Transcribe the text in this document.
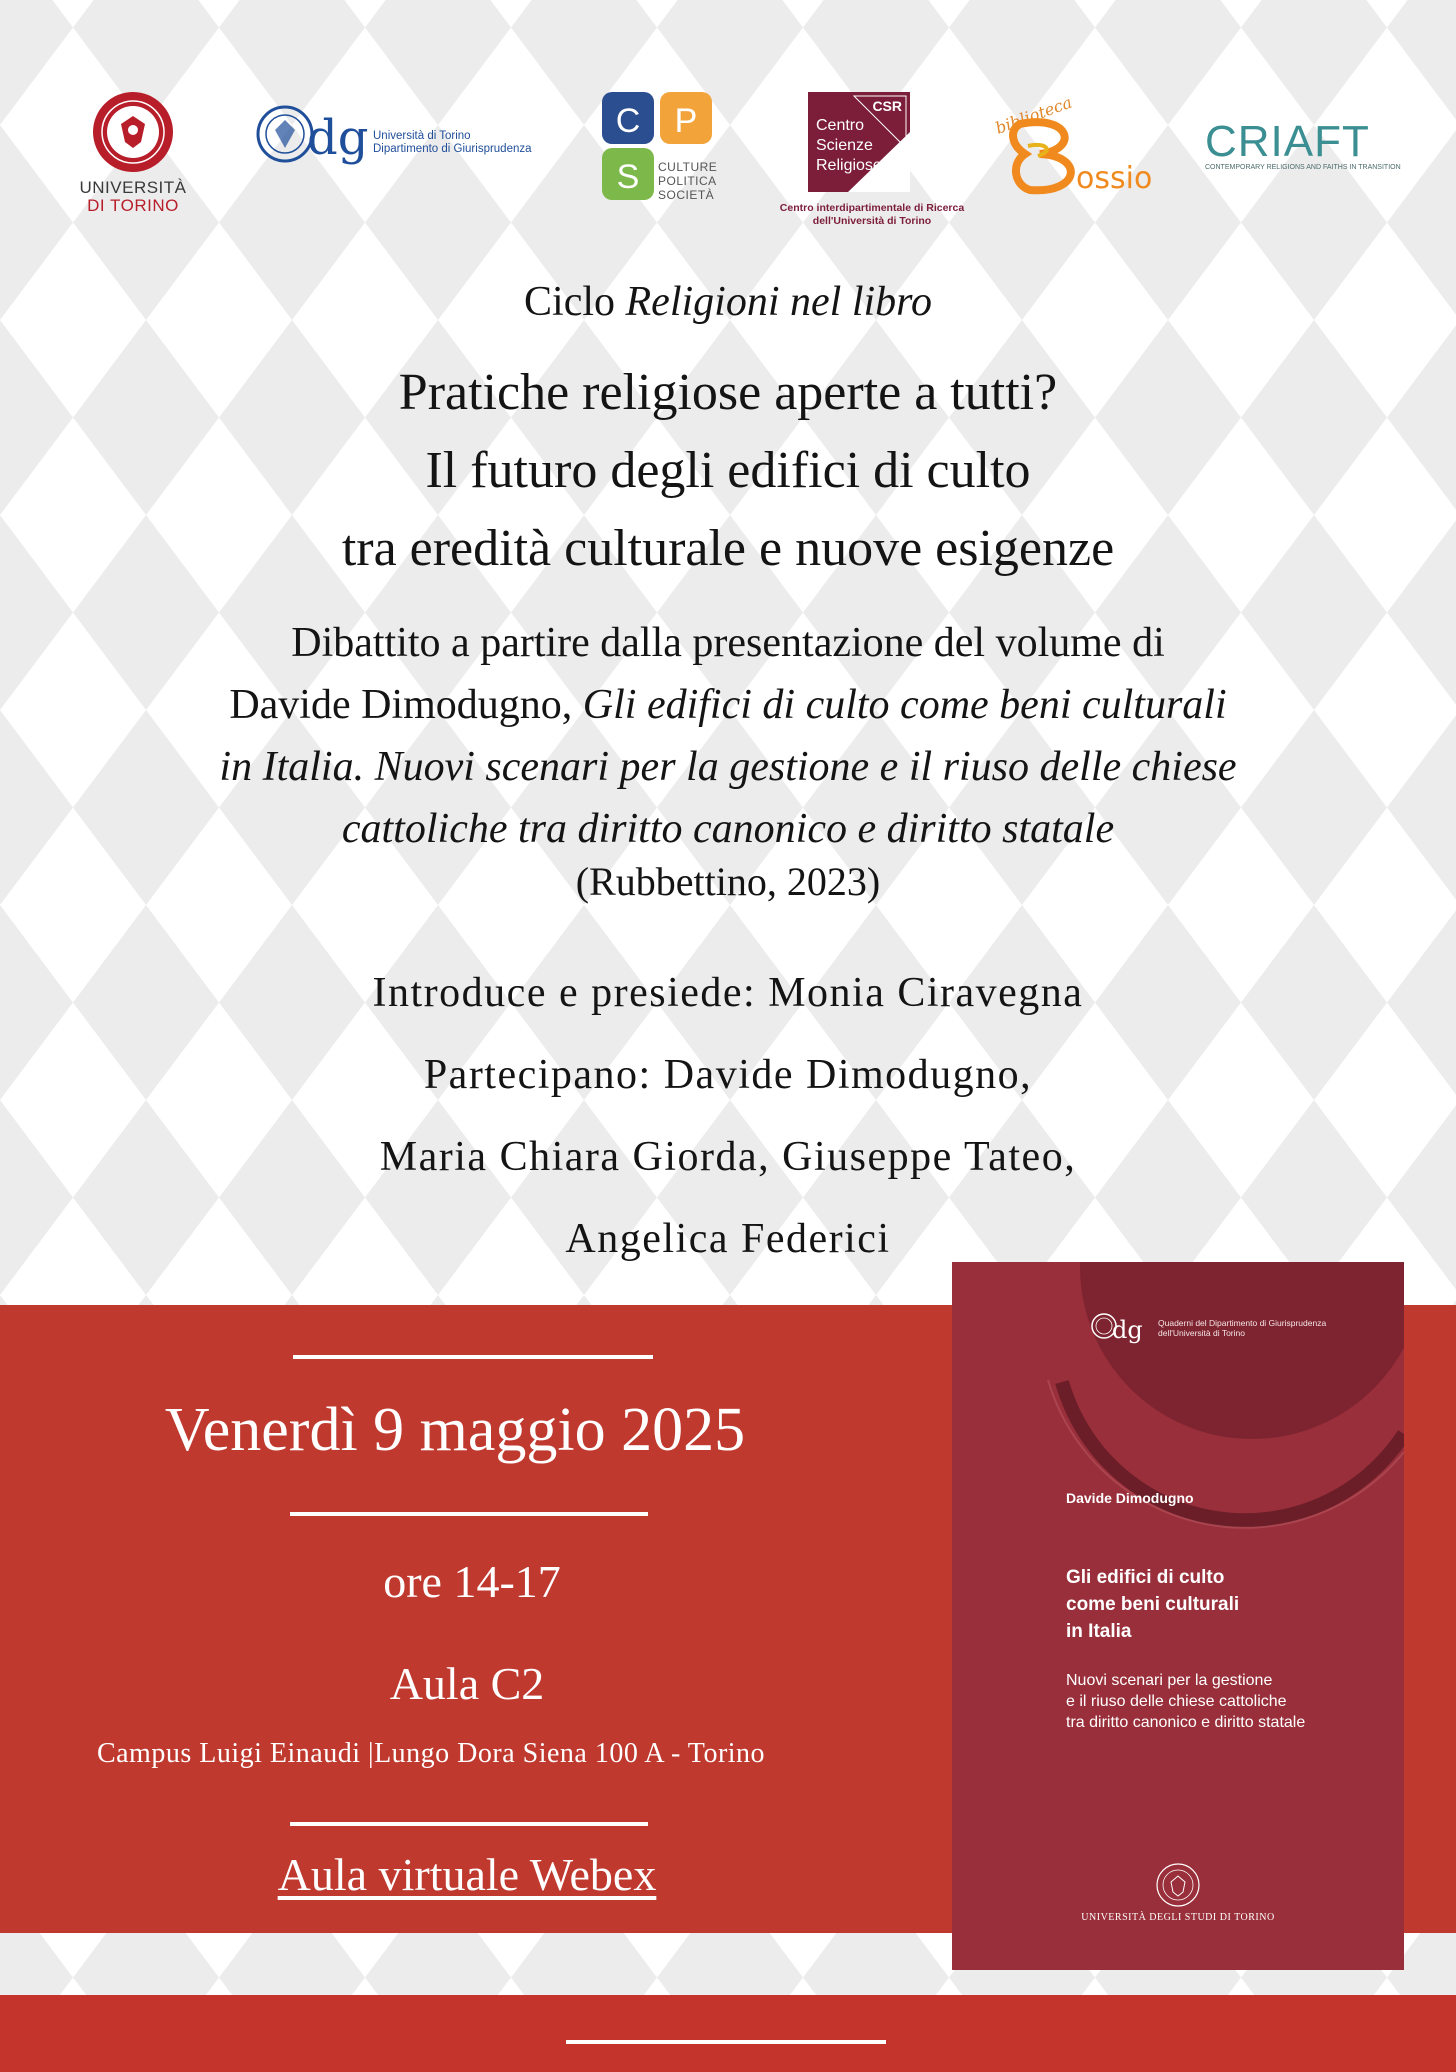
UNIVERSITÀ
DI TORINO
dg Università di Torino
Dipartimento di Giurisprudenza
C P
S CULTURE
POLITICA
SOCIETÀ
CSR
Centro
Scienze
Religiose
Centro interdipartimentale di Ricerca
dell'Università di Torino
biblioteca
ossio
CRIAFT
CONTEMPORARY RELIGIONS AND FAITHS IN TRANSITION
Ciclo Religioni nel libro
Pratiche religiose aperte a tutti?
Il futuro degli edifici di culto
tra eredità culturale e nuove esigenze
Dibattito a partire dalla presentazione del volume di
Davide Dimodugno, Gli edifici di culto come beni culturali
in Italia. Nuovi scenari per la gestione e il riuso delle chiese
cattoliche tra diritto canonico e diritto statale
(Rubbettino, 2023)
Introduce e presiede: Monia Ciravegna
Partecipano: Davide Dimodugno,
Maria Chiara Giorda, Giuseppe Tateo,
Angelica Federici
Venerdì 9 maggio 2025
ore 14-17
Aula C2
Campus Luigi Einaudi |Lungo Dora Siena 100 A - Torino
Aula virtuale Webex
dg Quaderni del Dipartimento di Giurisprudenza
dell'Università di Torino
Davide Dimodugno
Gli edifici di culto
come beni culturali
in Italia
Nuovi scenari per la gestione
e il riuso delle chiese cattoliche
tra diritto canonico e diritto statale
UNIVERSITÀ DEGLI STUDI DI TORINO
